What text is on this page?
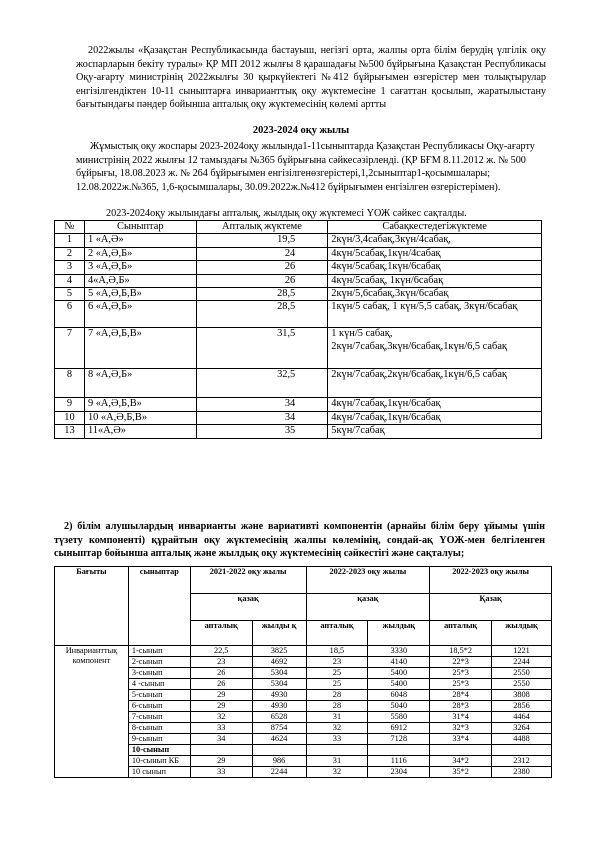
2022жылы «Қазақстан Республикасында бастауыш, негізгі орта, жалпы орта білім берудің үлгілік оқу жоспарларын бекіту туралы» ҚР МП 2012 жылғы 8 қарашадағы №500 бұйрығына Қазақстан Республикасы Оқу-ағарту министрінің 2022жылғы 30 қыркүйектегі №412 бұйрығымен өзгерістер мен толықтырулар енгізілгендіктен 10-11 сыныптарға инварианттық оқу жүктемесіне 1 сағаттан қосылып, жаратылыстану бағытындағы пәндер бойынша апталық оқу жүктемесінің көлемі артты
2023-2024 оқу жылы
Жұмыстық оқу жоспары 2023-2024оқу жылында1-11сыныптарда Қазақстан Республикасы Оқу-ағарту министрінің 2022 жылғы 12 тамыздағы №365 бұйрығына сәйкесәзірленді. (ҚР БҒМ 8.11.2012 ж. № 500 бұйрығы, 18.08.2023 ж. № 264 бұйрығымен енгізілгенөзгерістері,1,2сыныптар1-қосымшалары; 12.08.2022ж.№365, 1,6-қосымшалары, 30.09.2022ж.№412 бұйрығымен енгізілген өзгерістерімен).
2023-2024оқу жылындағы апталық, жылдық оқу жүктемесі ҮОЖ сәйкес сақталды.
№	Сыныптар	Апталық жүктеме	Сабақкестедегіжүктеме
1	1 «А,Ә»	19,5	2күн/3,4сабақ,3күн/4сабақ,
2	2 «А,Ә,Б»	24	4күн/5сабақ,1күн/4сабақ
3	3 «А,Ә,Б»	26	4күн/5сабақ,1күн/6сабақ
4	4«А,Ә,Б»	26	4күн/5сабақ, 1күн/6сабақ
5	5 «А,Ә,Б,В»	28,5	2күн/5,6сабақ,3күн/6сабақ
6	6 «А,Ә,Б»	28,5	1күн/5 сабақ, 1 күн/5,5 сабақ, 3күн/6сабақ
7	7 «А,Ә,Б,В»	31,5	1 күн/5 сабақ, 2күн/7сабақ,3күн/6сабақ,1күн/6,5 сабақ
8	8 «А,Ә,Б»	32,5	2күн/7сабақ,2күн/6сабақ,1күн/6,5 сабақ
9	9 «А,Ә,Б,В»	34	4күн/7сабақ,1күн/6сабақ
10	10 «А,Ә,Б,В»	34	4күн/7сабақ,1күн/6сабақ
13	11«А,Ә»	35	5күн/7сабақ
2) білім алушылардың инварианты және вариативті компонентін (арнайы білім беру ұйымы үшін түзету компоненті) құрайтын оқу жүктемесінің жалпы көлемінің, сондай-ақ ҮОЖ-мен белгіленген сыныптар бойынша апталық және жылдық оқу жүктемесінің сәйкестігі және сақталуы;
Бағыты	сыныптар	2021-2022 оқу жылы		2022-2023 оқу жылы		2022-2023 оқу жылы	
		қазақ		қазақ		Қазақ	
		апталық	жылды қ	апталық	жылдық	апталық	жылдық
Инварианттық компонент	1-сынып	22,5	3825	18,5	3330	18,5*2	1221
	2-сынып	23	4692	23	4140	22*3	2244
	3-сынып	26	5304	25	5400	25*3	2550
	4 -сынып	26	5304	25	5400	25*3	2550
	5-сынып	29	4930	28	6048	28*4	3808
	6-сынып	29	4930	28	5040	28*3	2856
	7-сынып	32	6528	31	5580	31*4	4464
	8-сынып	33	8754	32	6912	32*3	3264
	9-сынып	34	4624	33	7128	33*4	4488
	10-сынып						
	10-сынып КБ	29	986	31	1116	34*2	2312
	10 сынып	33	2244	32	2304	35*2	2380
